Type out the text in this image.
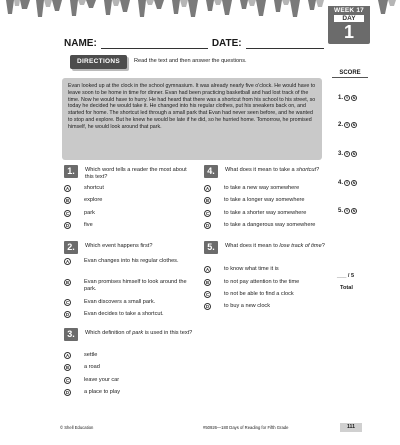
WEEK 17
DAY
1
NAME:	DATE:
DIRECTIONS	Read the text and then answer the questions.
Evan looked up at the clock in the school gymnasium. It was already nearly five o'clock. He would have to leave soon to be home in time for dinner. Evan had been practicing basketball and had lost track of the time. Now he would have to hurry. He had heard that there was a shortcut from his school to his street, so today he decided he would take it. He changed into his regular clothes, put his sneakers back on, and started for home. The shortcut led through a small park that Evan had never seen before, and he wanted to stop and explore. But he knew he would be late if he did, so he hurried home. Tomorrow, he promised himself, he would look around that park.
SCORE
1. Y	N
2. Y	N
3. Y	N
4. Y	N
5. Y	N
___ / 5
Total
1.	Which word tells a reader the most about this text?
A	shortcut
B	explore
C	park
D	five
2.	Which event happens first?
A	Evan changes into his regular clothes.
B	Evan promises himself to look around the park.
C	Evan discovers a small park.
D	Evan decides to take a shortcut.
3.	Which definition of park is used in this text?
A	settle
B	a road
C	leave your car
D	a place to play
4.	What does it mean to take a shortcut?
A	to take a new way somewhere
B	to take a longer way somewhere
C	to take a shorter way somewhere
D	to take a dangerous way somewhere
5.	What does it mean to lose track of time?
A	to know what time it is
B	to not pay attention to the time
C	to not be able to find a clock
D	to buy a new clock
© Shell Education	#50926—180 Days of Reading for Fifth Grade	111
